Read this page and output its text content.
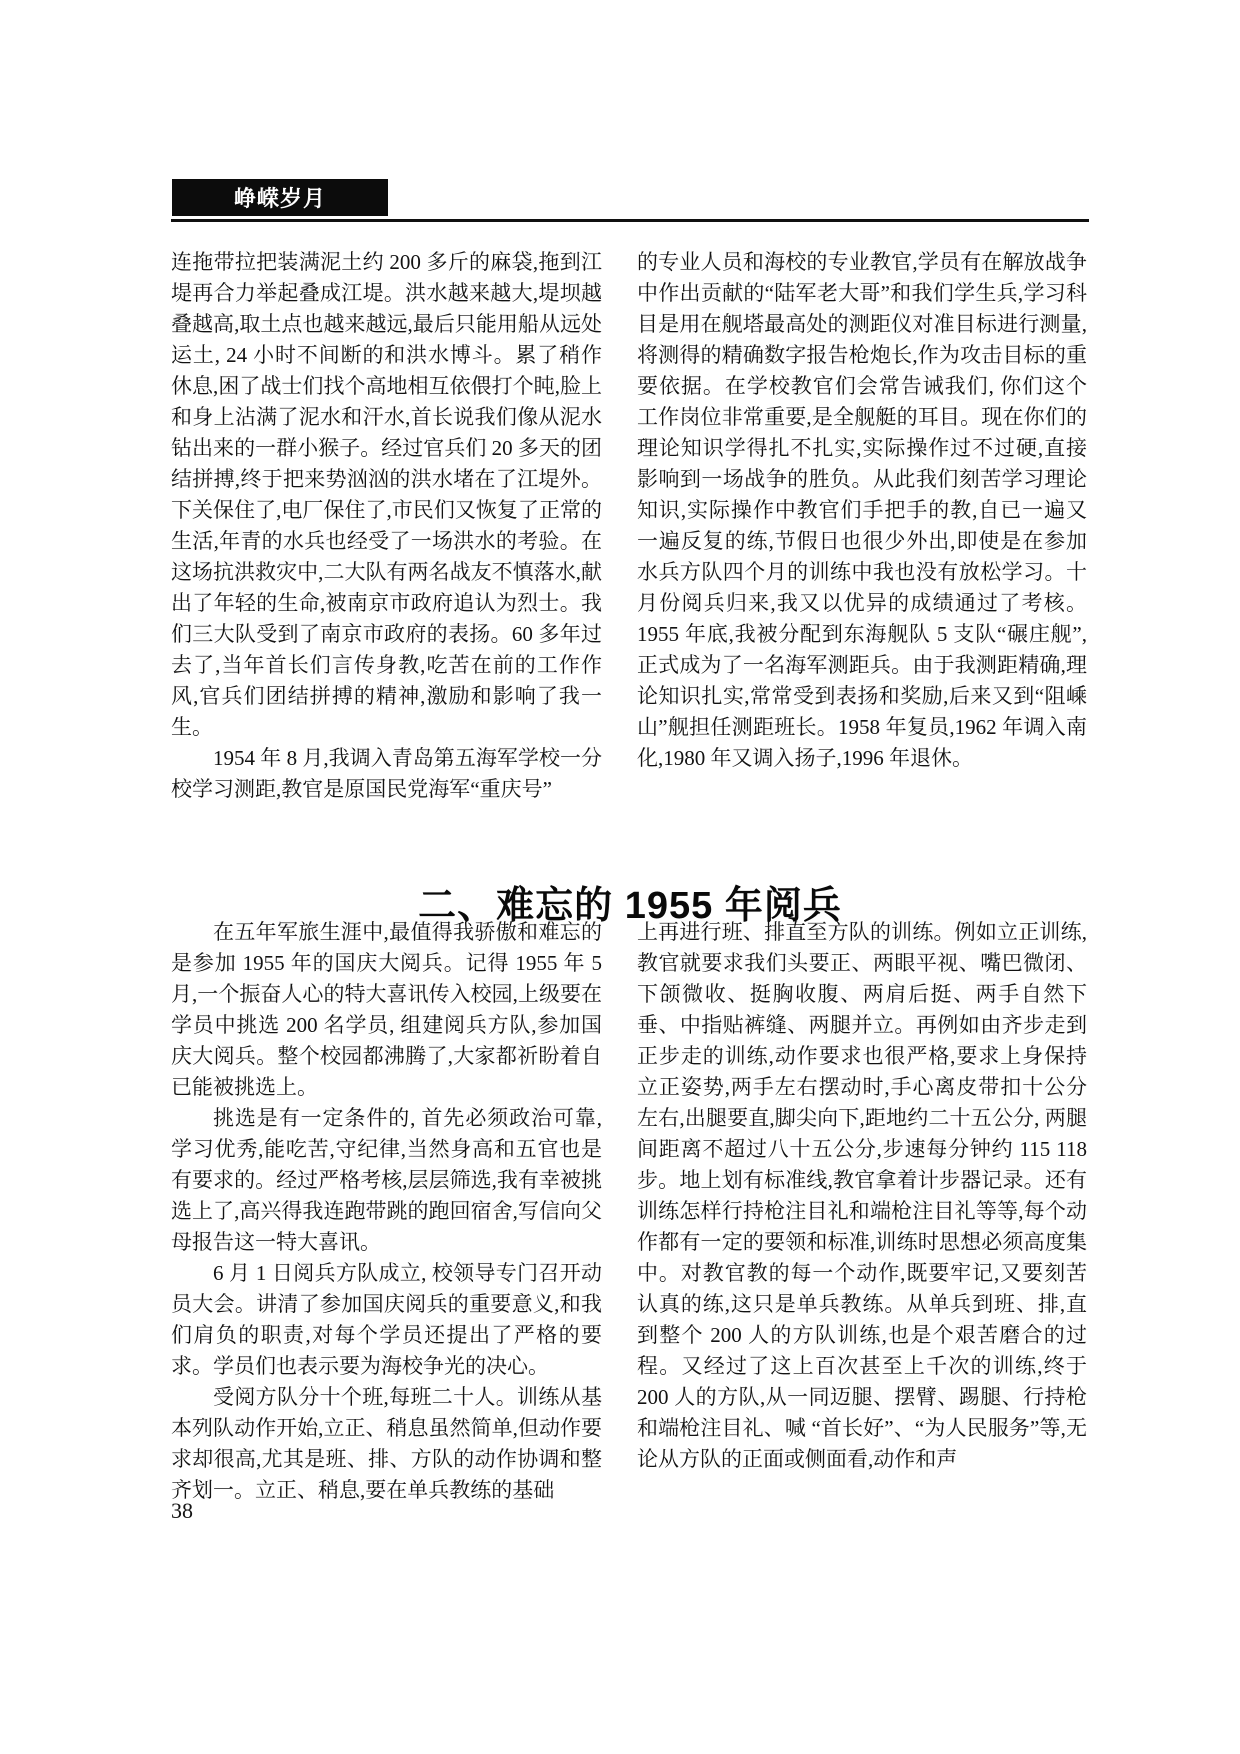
峥嵘岁月

连拖带拉把装满泥土约 200 多斤的麻袋,拖到江堤再合力举起叠成江堤。洪水越来越大,堤坝越叠越高,取土点也越来越远,最后只能用船从远处运土, 24 小时不间断的和洪水博斗。累了稍作休息,困了战士们找个高地相互依偎打个盹,脸上和身上沾满了泥水和汗水,首长说我们像从泥水钻出来的一群小猴子。经过官兵们 20 多天的团结拼搏,终于把来势汹汹的洪水堵在了江堤外。下关保住了,电厂保住了,市民们又恢复了正常的生活,年青的水兵也经受了一场洪水的考验。在这场抗洪救灾中,二大队有两名战友不慎落水,献出了年轻的生命,被南京市政府追认为烈士。我们三大队受到了南京市政府的表扬。60 多年过去了,当年首长们言传身教,吃苦在前的工作作风,官兵们团结拼搏的精神,激励和影响了我一生。

1954 年 8 月,我调入青岛第五海军学校一分校学习测距,教官是原国民党海军“重庆号”

的专业人员和海校的专业教官,学员有在解放战争中作出贡献的“陆军老大哥”和我们学生兵,学习科目是用在舰塔最高处的测距仪对准目标进行测量, 将测得的精确数字报告枪炮长,作为攻击目标的重要依据。在学校教官们会常告诫我们, 你们这个工作岗位非常重要,是全舰艇的耳目。现在你们的理论知识学得扎不扎实,实际操作过不过硬,直接影响到一场战争的胜负。从此我们刻苦学习理论知识,实际操作中教官们手把手的教,自已一遍又一遍反复的练,节假日也很少外出,即使是在参加水兵方队四个月的训练中我也没有放松学习。十月份阅兵归来,我又以优异的成绩通过了考核。1955 年底,我被分配到东海舰队 5 支队“碾庄舰”,正式成为了一名海军测距兵。由于我测距精确,理论知识扎实,常常受到表扬和奖励,后来又到“阻嵊山”舰担任测距班长。1958 年复员,1962 年调入南化,1980 年又调入扬子,1996 年退休。

二、难忘的 1955 年阅兵

在五年军旅生涯中,最值得我骄傲和难忘的是参加 1955 年的国庆大阅兵。记得 1955 年 5 月,一个振奋人心的特大喜讯传入校园,上级要在学员中挑选 200 名学员, 组建阅兵方队,参加国庆大阅兵。整个校园都沸腾了,大家都祈盼着自已能被挑选上。

挑选是有一定条件的, 首先必须政治可靠,学习优秀,能吃苦,守纪律,当然身高和五官也是有要求的。经过严格考核,层层筛选,我有幸被挑选上了,高兴得我连跑带跳的跑回宿舍,写信向父母报告这一特大喜讯。

6 月 1 日阅兵方队成立, 校领导专门召开动员大会。讲清了参加国庆阅兵的重要意义,和我们肩负的职责,对每个学员还提出了严格的要求。学员们也表示要为海校争光的决心。

受阅方队分十个班,每班二十人。训练从基本列队动作开始,立正、稍息虽然简单,但动作要求却很高,尤其是班、排、方队的动作协调和整齐划一。立正、稍息,要在单兵教练的基础

上再进行班、排直至方队的训练。例如立正训练,教官就要求我们头要正、两眼平视、嘴巴微闭、下颌微收、挺胸收腹、两肩后挺、两手自然下垂、中指贴裤缝、两腿并立。再例如由齐步走到正步走的训练,动作要求也很严格,要求上身保持立正姿势,两手左右摆动时,手心离皮带扣十公分左右,出腿要直,脚尖向下,距地约二十五公分, 两腿间距离不超过八十五公分,步速每分钟约 115 118 步。地上划有标准线,教官拿着计步器记录。还有训练怎样行持枪注目礼和端枪注目礼等等,每个动作都有一定的要领和标准,训练时思想必须高度集中。对教官教的每一个动作,既要牢记,又要刻苦认真的练,这只是单兵教练。从单兵到班、排,直到整个 200 人的方队训练,也是个艰苦磨合的过程。又经过了这上百次甚至上千次的训练,终于 200 人的方队,从一同迈腿、摆臂、踢腿、行持枪和端枪注目礼、喊 “首长好”、“为人民服务”等,无论从方队的正面或侧面看,动作和声

38
